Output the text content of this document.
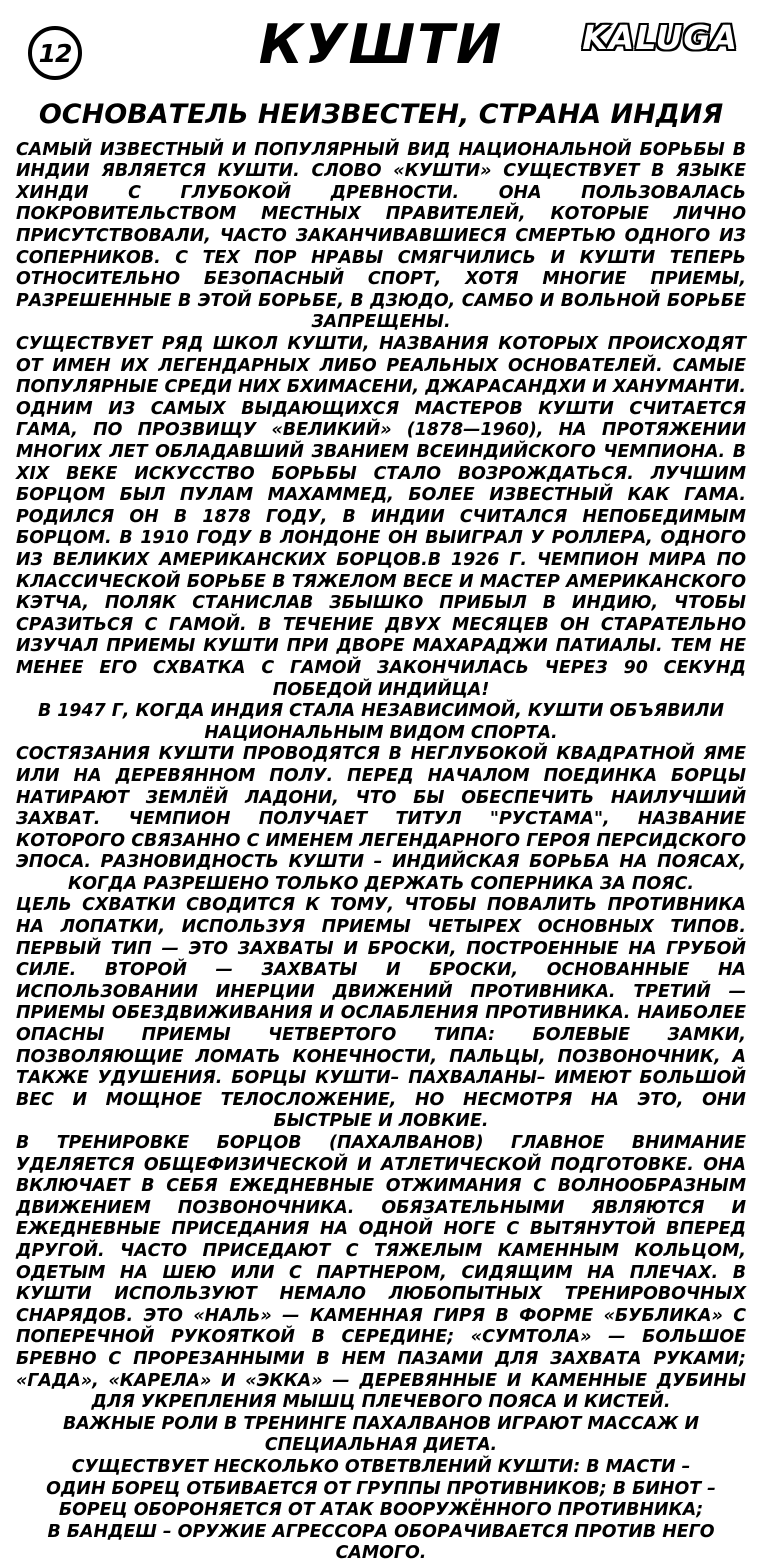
12	КУШТИ	KALUGA
ОСНОВАТЕЛЬ НЕИЗВЕСТЕН, СТРАНА ИНДИЯ

САМЫЙ ИЗВЕСТНЫЙ И ПОПУЛЯРНЫЙ ВИД НАЦИОНАЛЬНОЙ БОРЬБЫ В ИНДИИ ЯВЛЯЕТСЯ КУШТИ. СЛОВО «КУШТИ» СУЩЕСТВУЕТ В ЯЗЫКЕ ХИНДИ С ГЛУБОКОЙ ДРЕВНОСТИ. ОНА ПОЛЬЗОВАЛАСЬ ПОКРОВИТЕЛЬСТВОМ МЕСТНЫХ ПРАВИТЕЛЕЙ, КОТОРЫЕ ЛИЧНО ПРИСУТСТВОВАЛИ, ЧАСТО ЗАКАНЧИВАВШИЕСЯ СМЕРТЬЮ ОДНОГО ИЗ СОПЕРНИКОВ. С ТЕХ ПОР НРАВЫ СМЯГЧИЛИСЬ И КУШТИ ТЕПЕРЬ ОТНОСИТЕЛЬНО БЕЗОПАСНЫЙ СПОРТ, ХОТЯ МНОГИЕ ПРИЕМЫ, РАЗРЕШЕННЫЕ В ЭТОЙ БОРЬБЕ, В ДЗЮДО, САМБО И ВОЛЬНОЙ БОРЬБЕ ЗАПРЕЩЕНЫ.

СУЩЕСТВУЕТ РЯД ШКОЛ КУШТИ, НАЗВАНИЯ КОТОРЫХ ПРОИСХОДЯТ ОТ ИМЕН ИХ ЛЕГЕНДАРНЫХ ЛИБО РЕАЛЬНЫХ ОСНОВАТЕЛЕЙ. САМЫЕ ПОПУЛЯРНЫЕ СРЕДИ НИХ БХИМАСЕНИ, ДЖАРАСАНДХИ И ХАНУМАНТИ. ОДНИМ ИЗ САМЫХ ВЫДАЮЩИХСЯ МАСТЕРОВ КУШТИ СЧИТАЕТСЯ ГАМА, ПО ПРОЗВИЩУ «ВЕЛИКИЙ» (1878—1960), НА ПРОТЯЖЕНИИ МНОГИХ ЛЕТ ОБЛАДАВШИЙ ЗВАНИЕМ ВСЕИНДИЙСКОГО ЧЕМПИОНА. В XIX ВЕКЕ ИСКУССТВО БОРЬБЫ СТАЛО ВОЗРОЖДАТЬСЯ. ЛУЧШИМ БОРЦОМ БЫЛ ПУЛАМ МАХАММЕД, БОЛЕЕ ИЗВЕСТНЫЙ КАК ГАМА. РОДИЛСЯ ОН В 1878 ГОДУ, В ИНДИИ СЧИТАЛСЯ НЕПОБЕДИМЫМ БОРЦОМ. В 1910 ГОДУ В ЛОНДОНЕ ОН ВЫИГРАЛ У РОЛЛЕРА, ОДНОГО ИЗ ВЕЛИКИХ АМЕРИКАНСКИХ БОРЦОВ.В 1926 Г. ЧЕМПИОН МИРА ПО КЛАССИЧЕСКОЙ БОРЬБЕ В ТЯЖЕЛОМ ВЕСЕ И МАСТЕР АМЕРИКАНСКОГО КЭТЧА, ПОЛЯК СТАНИСЛАВ ЗБЫШКО ПРИБЫЛ В ИНДИЮ, ЧТОБЫ СРАЗИТЬСЯ С ГАМОЙ. В ТЕЧЕНИЕ ДВУХ МЕСЯЦЕВ ОН СТАРАТЕЛЬНО ИЗУЧАЛ ПРИЕМЫ КУШТИ ПРИ ДВОРЕ МАХАРАДЖИ ПАТИАЛЫ. ТЕМ НЕ МЕНЕЕ ЕГО СХВАТКА С ГАМОЙ ЗАКОНЧИЛАСЬ ЧЕРЕЗ 90 СЕКУНД ПОБЕДОЙ ИНДИЙЦА!

В 1947 Г, КОГДА ИНДИЯ СТАЛА НЕЗАВИСИМОЙ, КУШТИ ОБЪЯВИЛИ НАЦИОНАЛЬНЫМ ВИДОМ СПОРТА.

СОСТЯЗАНИЯ КУШТИ ПРОВОДЯТСЯ В НЕГЛУБОКОЙ КВАДРАТНОЙ ЯМЕ ИЛИ НА ДЕРЕВЯННОМ ПОЛУ. ПЕРЕД НАЧАЛОМ ПОЕДИНКА БОРЦЫ НАТИРАЮТ ЗЕМЛЁЙ ЛАДОНИ, ЧТО БЫ ОБЕСПЕЧИТЬ НАИЛУЧШИЙ ЗАХВАТ. ЧЕМПИОН ПОЛУЧАЕТ ТИТУЛ "РУСТАМА", НАЗВАНИЕ КОТОРОГО СВЯЗАННО С ИМЕНЕМ ЛЕГЕНДАРНОГО ГЕРОЯ ПЕРСИДСКОГО ЭПОСА. РАЗНОВИДНОСТЬ КУШТИ – ИНДИЙСКАЯ БОРЬБА НА ПОЯСАХ, КОГДА РАЗРЕШЕНО ТОЛЬКО ДЕРЖАТЬ СОПЕРНИКА ЗА ПОЯС.

ЦЕЛЬ СХВАТКИ СВОДИТСЯ К ТОМУ, ЧТОБЫ ПОВАЛИТЬ ПРОТИВНИКА НА ЛОПАТКИ, ИСПОЛЬЗУЯ ПРИЕМЫ ЧЕТЫРЕХ ОСНОВНЫХ ТИПОВ. ПЕРВЫЙ ТИП — ЭТО ЗАХВАТЫ И БРОСКИ, ПОСТРОЕННЫЕ НА ГРУБОЙ СИЛЕ. ВТОРОЙ — ЗАХВАТЫ И БРОСКИ, ОСНОВАННЫЕ НА ИСПОЛЬЗОВАНИИ ИНЕРЦИИ ДВИЖЕНИЙ ПРОТИВНИКА. ТРЕТИЙ — ПРИЕМЫ ОБЕЗДВИЖИВАНИЯ И ОСЛАБЛЕНИЯ ПРОТИВНИКА. НАИБОЛЕЕ ОПАСНЫ ПРИЕМЫ ЧЕТВЕРТОГО ТИПА: БОЛЕВЫЕ ЗАМКИ, ПОЗВОЛЯЮЩИЕ ЛОМАТЬ КОНЕЧНОСТИ, ПАЛЬЦЫ, ПОЗВОНОЧНИК, А ТАКЖЕ УДУШЕНИЯ. БОРЦЫ КУШТИ– ПАХВАЛАНЫ– ИМЕЮТ БОЛЬШОЙ ВЕС И МОЩНОЕ ТЕЛОСЛОЖЕНИЕ, НО НЕСМОТРЯ НА ЭТО, ОНИ БЫСТРЫЕ И ЛОВКИЕ.

В ТРЕНИРОВКЕ БОРЦОВ (ПАХАЛВАНОВ) ГЛАВНОЕ ВНИМАНИЕ УДЕЛЯЕТСЯ ОБЩЕФИЗИЧЕСКОЙ И АТЛЕТИЧЕСКОЙ ПОДГОТОВКЕ. ОНА ВКЛЮЧАЕТ В СЕБЯ ЕЖЕДНЕВНЫЕ ОТЖИМАНИЯ С ВОЛНООБРАЗНЫМ ДВИЖЕНИЕМ ПОЗВОНОЧНИКА. ОБЯЗАТЕЛЬНЫМИ ЯВЛЯЮТСЯ И ЕЖЕДНЕВНЫЕ ПРИСЕДАНИЯ НА ОДНОЙ НОГЕ С ВЫТЯНУТОЙ ВПЕРЕД ДРУГОЙ. ЧАСТО ПРИСЕДАЮТ С ТЯЖЕЛЫМ КАМЕННЫМ КОЛЬЦОМ, ОДЕТЫМ НА ШЕЮ ИЛИ С ПАРТНЕРОМ, СИДЯЩИМ НА ПЛЕЧАХ. В КУШТИ ИСПОЛЬЗУЮТ НЕМАЛО ЛЮБОПЫТНЫХ ТРЕНИРОВОЧНЫХ СНАРЯДОВ. ЭТО «НАЛЬ» — КАМЕННАЯ ГИРЯ В ФОРМЕ «БУБЛИКА» С ПОПЕРЕЧНОЙ РУКОЯТКОЙ В СЕРЕДИНЕ; «СУМТОЛА» — БОЛЬШОЕ БРЕВНО С ПРОРЕЗАННЫМИ В НЕМ ПАЗАМИ ДЛЯ ЗАХВАТА РУКАМИ; «ГАДА», «КАРЕЛА» И «ЭККА» — ДЕРЕВЯННЫЕ И КАМЕННЫЕ ДУБИНЫ ДЛЯ УКРЕПЛЕНИЯ МЫШЦ ПЛЕЧЕВОГО ПОЯСА И КИСТЕЙ.

ВАЖНЫЕ РОЛИ В ТРЕНИНГЕ ПАХАЛВАНОВ ИГРАЮТ МАССАЖ И СПЕЦИАЛЬНАЯ ДИЕТА.

СУЩЕСТВУЕТ НЕСКОЛЬКО ОТВЕТВЛЕНИЙ КУШТИ: В МАСТИ –

ОДИН БОРЕЦ ОТБИВАЕТСЯ ОТ ГРУППЫ ПРОТИВНИКОВ; В БИНОТ –

БОРЕЦ ОБОРОНЯЕТСЯ ОТ АТАК ВООРУЖЁННОГО ПРОТИВНИКА;

В БАНДЕШ – ОРУЖИЕ АГРЕССОРА ОБОРАЧИВАЕТСЯ ПРОТИВ НЕГО САМОГО.
